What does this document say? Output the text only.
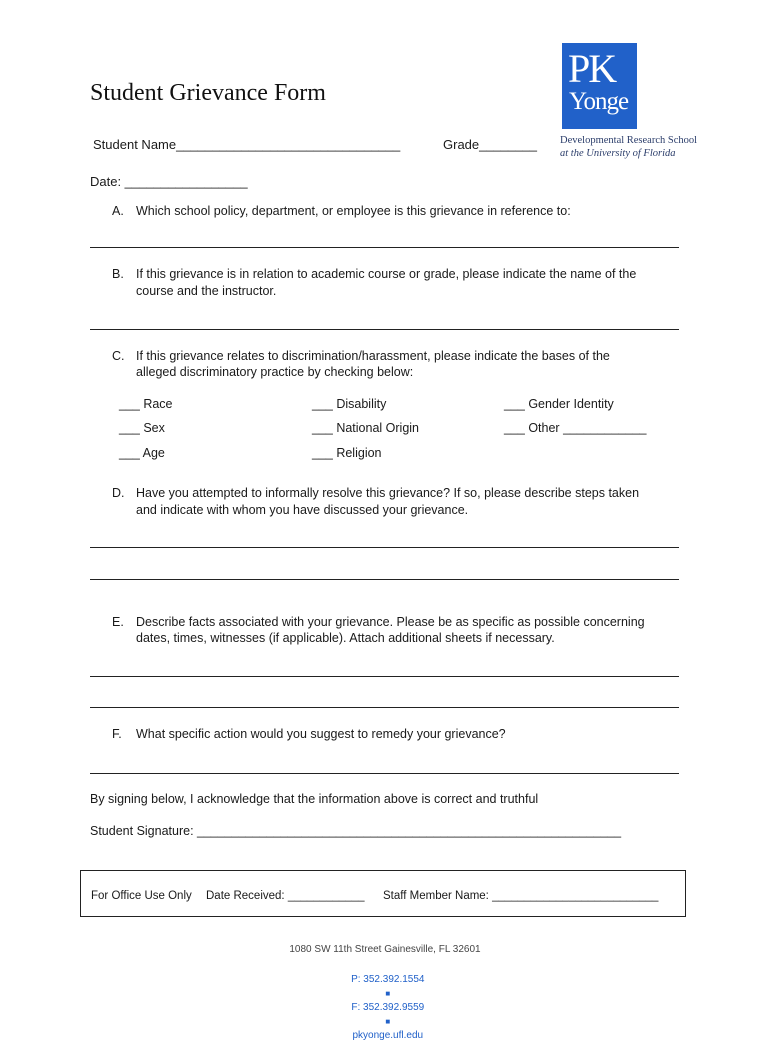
Student Grievance Form
Student Name_______________________________	Grade________
Date: _________________
PK
Yonge
Developmental Research School
at the University of Florida
A. Which school policy, department, or employee is this grievance in reference to:
B. If this grievance is in relation to academic course or grade, please indicate the name of the
course and the instructor.
C. If this grievance relates to discrimination/harassment, please indicate the bases of the
alleged discriminatory practice by checking below:
___ Race
___ Sex
___ Age
___ Disability
___ National Origin
___ Religion
___ Gender Identity
___ Other ____________
D. Have you attempted to informally resolve this grievance? If so, please describe steps taken
and indicate with whom you have discussed your grievance.
E. Describe facts associated with your grievance. Please be as specific as possible concerning
dates, times, witnesses (if applicable). Attach additional sheets if necessary.
F. What specific action would you suggest to remedy your grievance?
By signing below, I acknowledge that the information above is correct and truthful
Student Signature: _____________________________________________________________
For Office Use Only Date Received: ____________ Staff Member Name: __________________________
1080 SW 11th Street Gainesville, FL 32601

P: 352.392.1554
■
F: 352.392.9559
■
pkyonge.ufl.edu
